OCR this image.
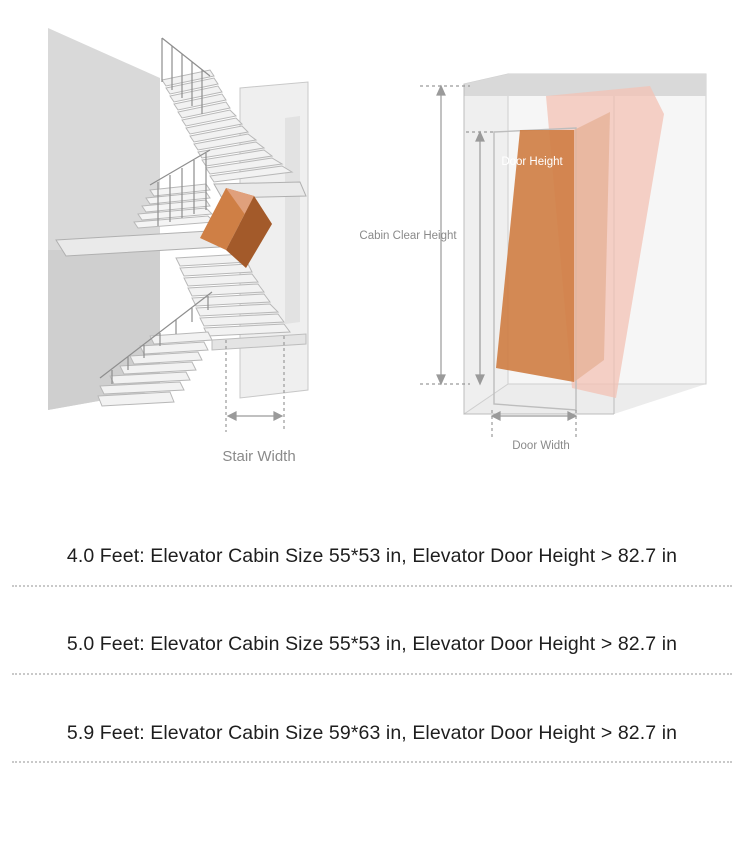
Stair Width
Cabin Clear Height
Door Height
Door Width
4.0 Feet: Elevator Cabin Size 55*53 in, Elevator Door Height > 82.7 in
5.0 Feet: Elevator Cabin Size 55*53 in, Elevator Door Height > 82.7 in
5.9 Feet: Elevator Cabin Size 59*63 in, Elevator Door Height > 82.7 in
